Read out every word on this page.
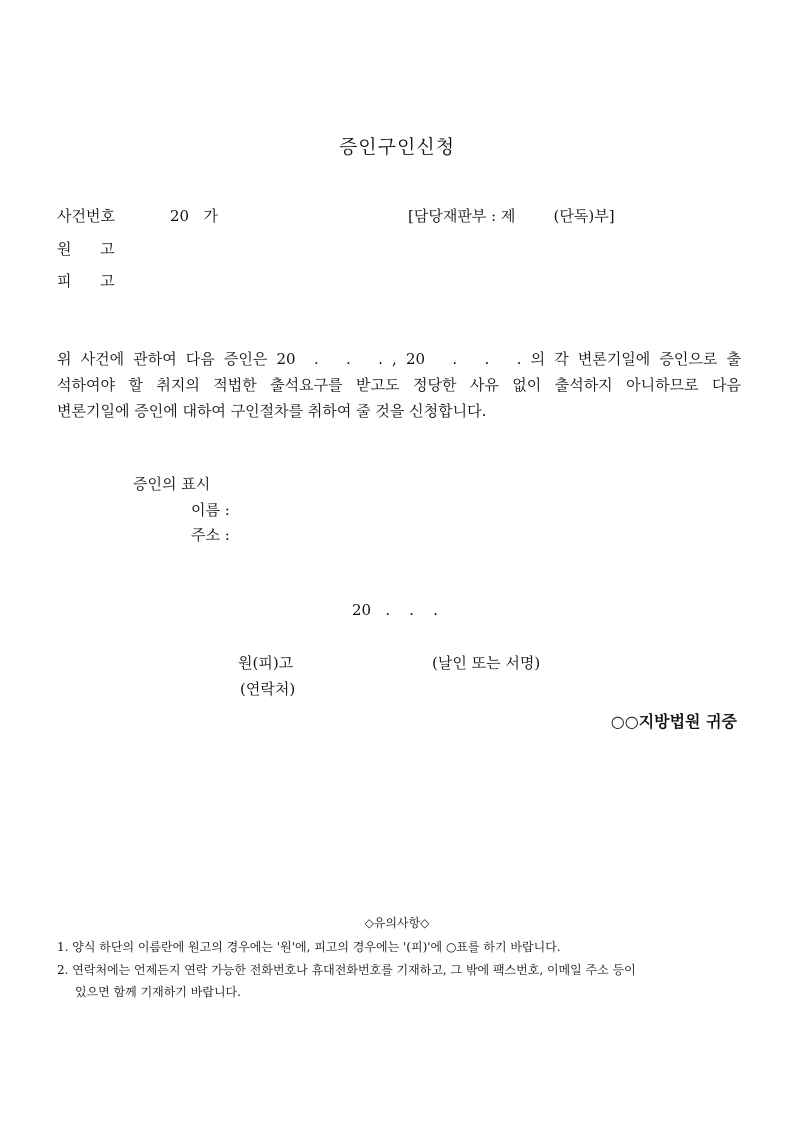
증인구인신청
사건번호	20   가	[담당재판부 : 제        (단독)부]
원      고
피      고
위 사건에 관하여 다음 증인은 20  .   .   . , 20   .   .   . 의 각 변론기일에 증인으로 출
석하여야 할 취지의 적법한 출석요구를 받고도 정당한 사유 없이 출석하지 아니하므로 다음
변론기일에 증인에 대하여 구인절차를 취하여 줄 것을 신청합니다.
증인의 표시
이름 :
주소 :
20   .    .    .
원(피)고	(날인 또는 서명)
(연락처)
○○지방법원 귀중
◇유의사항◇
1. 양식 하단의 이름란에 원고의 경우에는 '원'에, 피고의 경우에는 '(피)'에 ○표를 하기 바랍니다.
2. 연락처에는 언제든지 연락 가능한 전화번호나 휴대전화번호를 기재하고, 그 밖에 팩스번호, 이메일 주소 등이
있으면 함께 기재하기 바랍니다.
